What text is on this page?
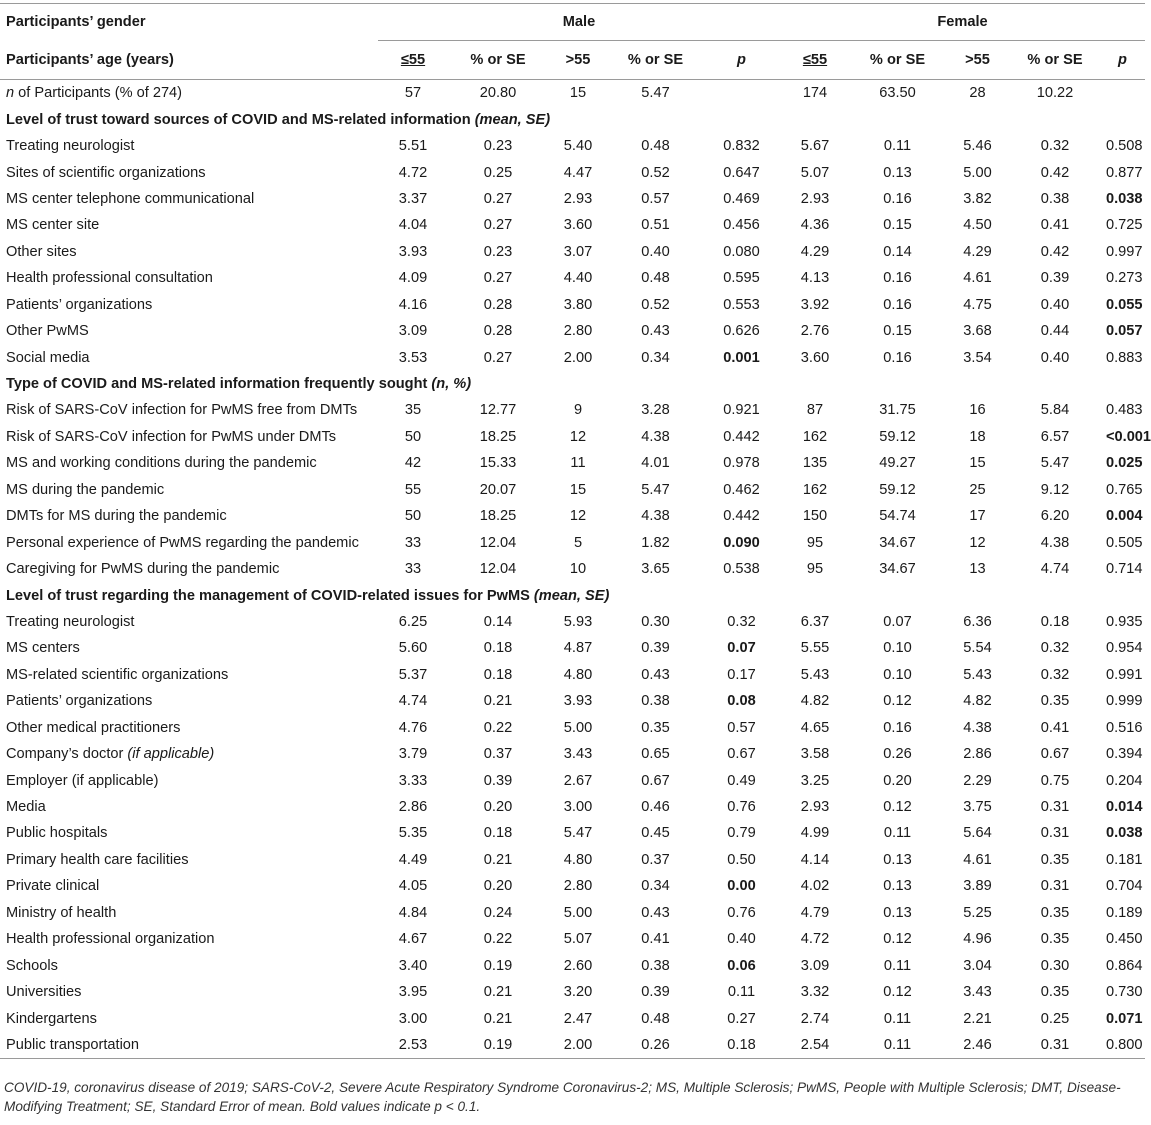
Participants’ gender	Male					Female				
Participants’ age (years)	≤55	% or SE	>55	% or SE	p	≤55	% or SE	>55	% or SE	p
n of Participants (% of 274)	57	20.80	15	5.47		174	63.50	28	10.22	
Level of trust toward sources of COVID and MS-related information (mean, SE)										
Treating neurologist	5.51	0.23	5.40	0.48	0.832	5.67	0.11	5.46	0.32	0.508
Sites of scientific organizations	4.72	0.25	4.47	0.52	0.647	5.07	0.13	5.00	0.42	0.877
MS center telephone communicational	3.37	0.27	2.93	0.57	0.469	2.93	0.16	3.82	0.38	0.038
MS center site	4.04	0.27	3.60	0.51	0.456	4.36	0.15	4.50	0.41	0.725
Other sites	3.93	0.23	3.07	0.40	0.080	4.29	0.14	4.29	0.42	0.997
Health professional consultation	4.09	0.27	4.40	0.48	0.595	4.13	0.16	4.61	0.39	0.273
Patients’ organizations	4.16	0.28	3.80	0.52	0.553	3.92	0.16	4.75	0.40	0.055
Other PwMS	3.09	0.28	2.80	0.43	0.626	2.76	0.15	3.68	0.44	0.057
Social media	3.53	0.27	2.00	0.34	0.001	3.60	0.16	3.54	0.40	0.883
Type of COVID and MS-related information frequently sought (n, %)										
Risk of SARS-CoV infection for PwMS free from DMTs	35	12.77	9	3.28	0.921	87	31.75	16	5.84	0.483
Risk of SARS-CoV infection for PwMS under DMTs	50	18.25	12	4.38	0.442	162	59.12	18	6.57	<0.001
MS and working conditions during the pandemic	42	15.33	11	4.01	0.978	135	49.27	15	5.47	0.025
MS during the pandemic	55	20.07	15	5.47	0.462	162	59.12	25	9.12	0.765
DMTs for MS during the pandemic	50	18.25	12	4.38	0.442	150	54.74	17	6.20	0.004
Personal experience of PwMS regarding the pandemic	33	12.04	5	1.82	0.090	95	34.67	12	4.38	0.505
Caregiving for PwMS during the pandemic	33	12.04	10	3.65	0.538	95	34.67	13	4.74	0.714
Level of trust regarding the management of COVID-related issues for PwMS (mean, SE)										
Treating neurologist	6.25	0.14	5.93	0.30	0.32	6.37	0.07	6.36	0.18	0.935
MS centers	5.60	0.18	4.87	0.39	0.07	5.55	0.10	5.54	0.32	0.954
MS-related scientific organizations	5.37	0.18	4.80	0.43	0.17	5.43	0.10	5.43	0.32	0.991
Patients’ organizations	4.74	0.21	3.93	0.38	0.08	4.82	0.12	4.82	0.35	0.999
Other medical practitioners	4.76	0.22	5.00	0.35	0.57	4.65	0.16	4.38	0.41	0.516
Company’s doctor (if applicable)	3.79	0.37	3.43	0.65	0.67	3.58	0.26	2.86	0.67	0.394
Employer (if applicable)	3.33	0.39	2.67	0.67	0.49	3.25	0.20	2.29	0.75	0.204
Media	2.86	0.20	3.00	0.46	0.76	2.93	0.12	3.75	0.31	0.014
Public hospitals	5.35	0.18	5.47	0.45	0.79	4.99	0.11	5.64	0.31	0.038
Primary health care facilities	4.49	0.21	4.80	0.37	0.50	4.14	0.13	4.61	0.35	0.181
Private clinical	4.05	0.20	2.80	0.34	0.00	4.02	0.13	3.89	0.31	0.704
Ministry of health	4.84	0.24	5.00	0.43	0.76	4.79	0.13	5.25	0.35	0.189
Health professional organization	4.67	0.22	5.07	0.41	0.40	4.72	0.12	4.96	0.35	0.450
Schools	3.40	0.19	2.60	0.38	0.06	3.09	0.11	3.04	0.30	0.864
Universities	3.95	0.21	3.20	0.39	0.11	3.32	0.12	3.43	0.35	0.730
Kindergartens	3.00	0.21	2.47	0.48	0.27	2.74	0.11	2.21	0.25	0.071
Public transportation	2.53	0.19	2.00	0.26	0.18	2.54	0.11	2.46	0.31	0.800
COVID-19, coronavirus disease of 2019; SARS-CoV-2, Severe Acute Respiratory Syndrome Coronavirus-2; MS, Multiple Sclerosis; PwMS, People with Multiple Sclerosis; DMT, Disease-Modifying Treatment; SE, Standard Error of mean. Bold values indicate p < 0.1.
